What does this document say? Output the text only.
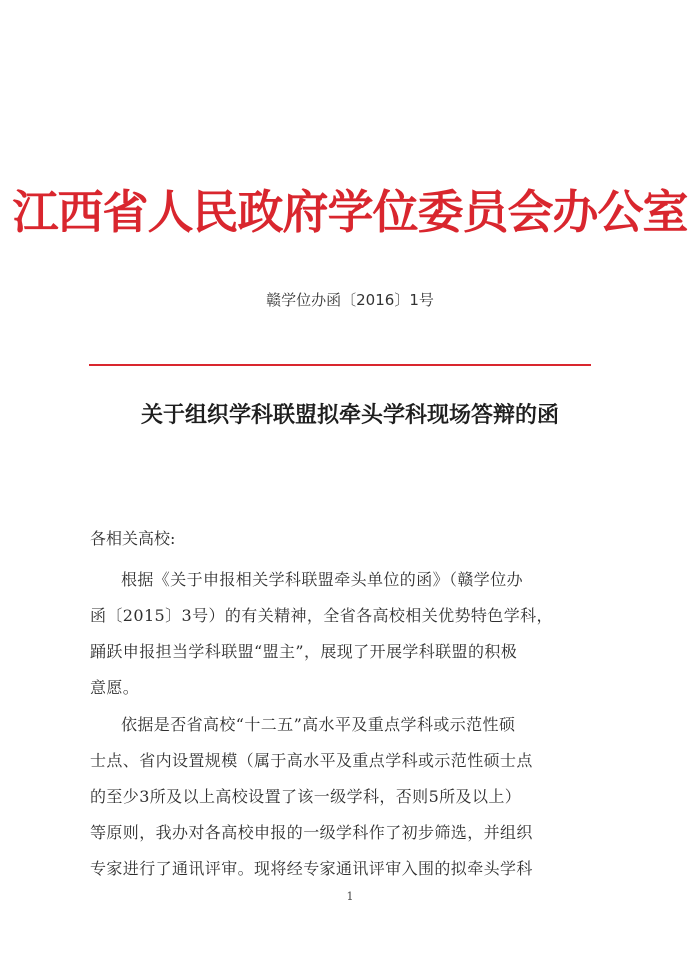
江西省人民政府学位委员会办公室
赣学位办函〔2016〕1号
关于组织学科联盟拟牵头学科现场答辩的函
各相关高校:
根据《关于申报相关学科联盟牵头单位的函》（赣学位办
函〔2015〕3号）的有关精神，全省各高校相关优势特色学科，
踊跃申报担当学科联盟“盟主”，展现了开展学科联盟的积极
意愿。
依据是否省高校“十二五”高水平及重点学科或示范性硕
士点、省内设置规模（属于高水平及重点学科或示范性硕士点
的至少3所及以上高校设置了该一级学科，否则5所及以上）
等原则，我办对各高校申报的一级学科作了初步筛选，并组织
专家进行了通讯评审。现将经专家通讯评审入围的拟牵头学科
1
